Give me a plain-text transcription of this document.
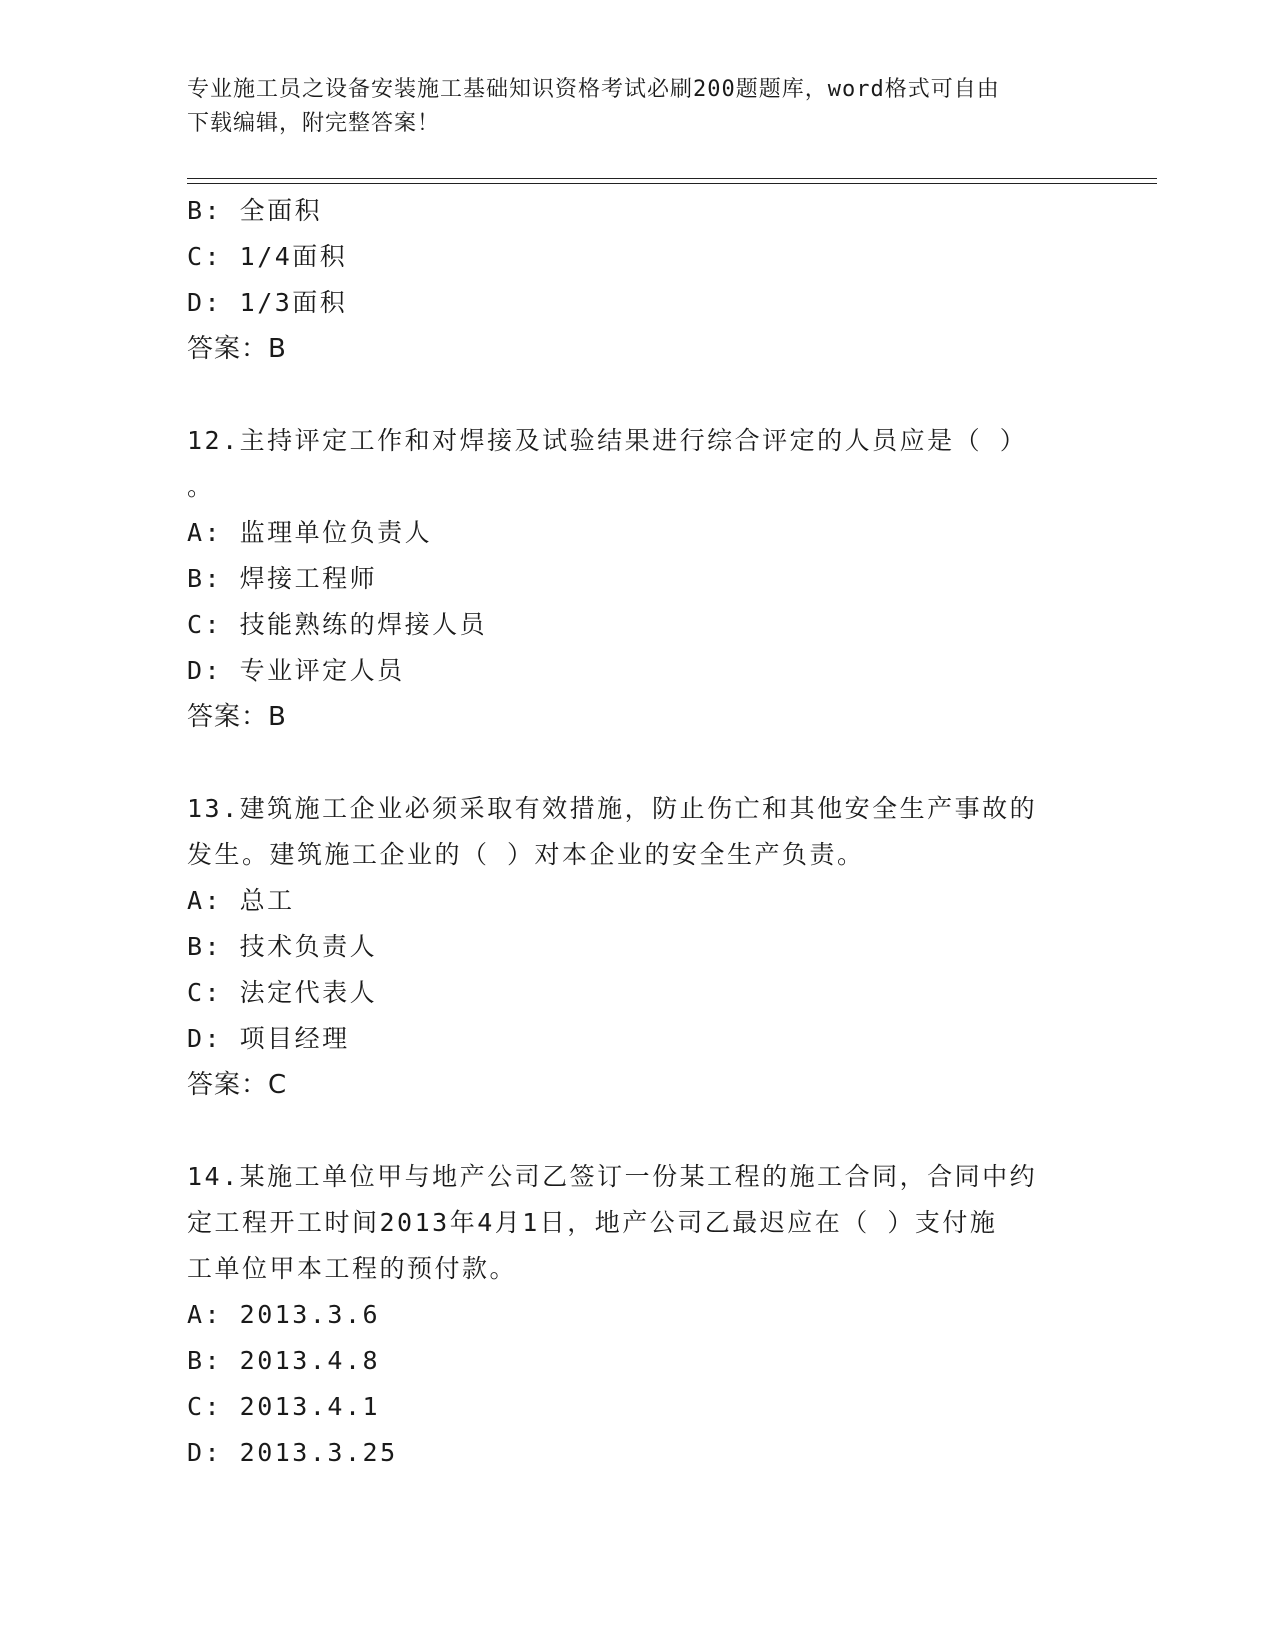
专业施工员之设备安装施工基础知识资格考试必刷200题题库，word格式可自由
下载编辑，附完整答案！
B: 全面积
C: 1/4面积
D: 1/3面积
答案：B
12.主持评定工作和对焊接及试验结果进行综合评定的人员应是（ ）
。
A: 监理单位负责人
B: 焊接工程师
C: 技能熟练的焊接人员
D: 专业评定人员
答案：B
13.建筑施工企业必须采取有效措施，防止伤亡和其他安全生产事故的
发生。建筑施工企业的（ ）对本企业的安全生产负责。
A: 总工
B: 技术负责人
C: 法定代表人
D: 项目经理
答案：C
14.某施工单位甲与地产公司乙签订一份某工程的施工合同，合同中约
定工程开工时间2013年4月1日，地产公司乙最迟应在（ ）支付施
工单位甲本工程的预付款。
A: 2013.3.6
B: 2013.4.8
C: 2013.4.1
D: 2013.3.25
